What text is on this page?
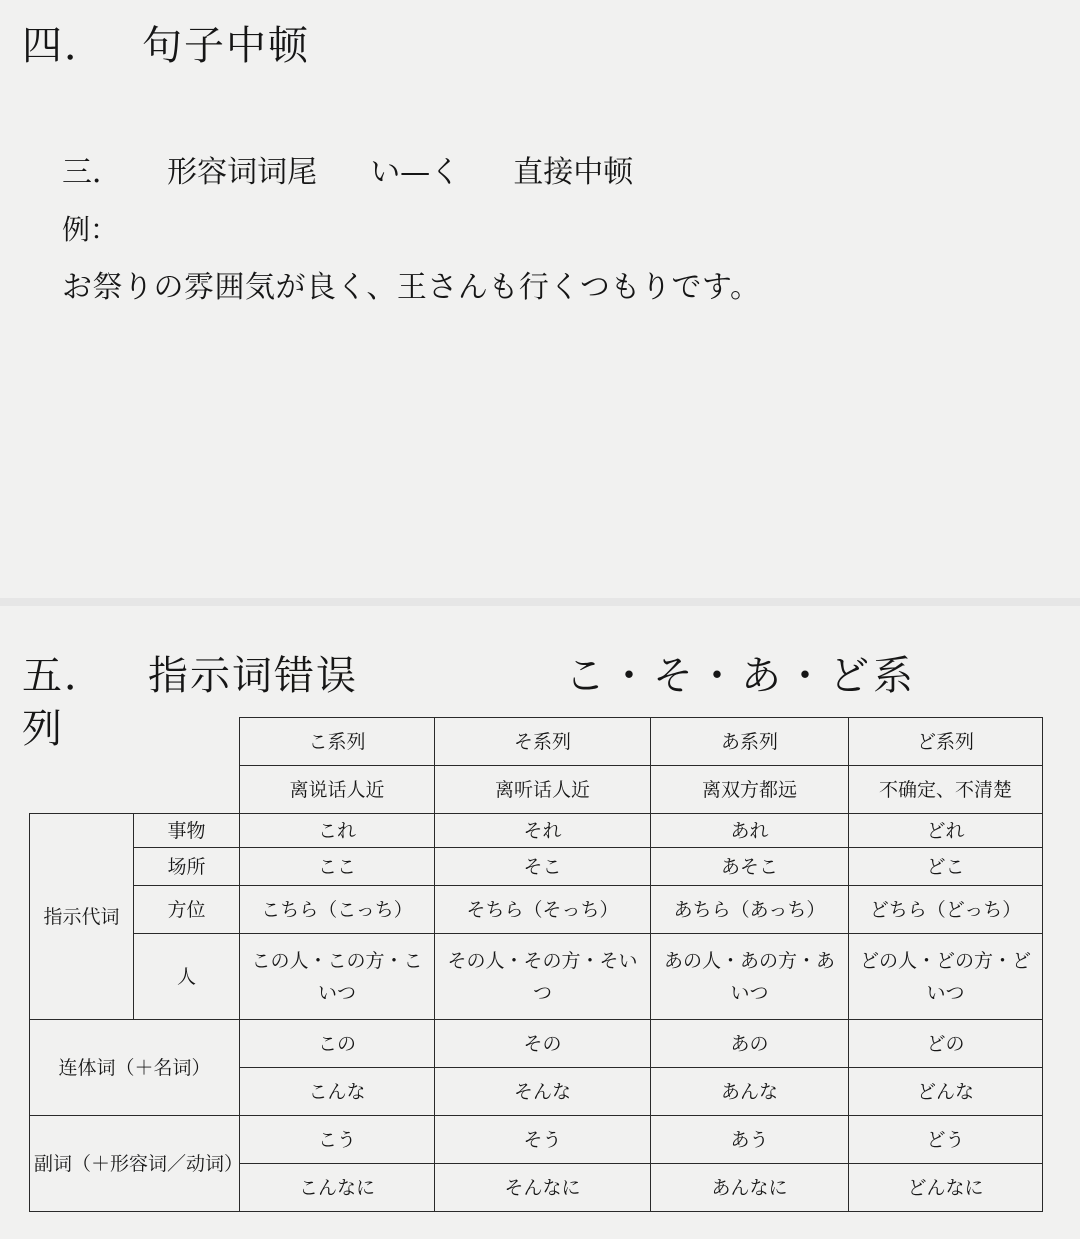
四． 句子中顿
三． 形容词词尾 い—く 直接中顿
例：
お祭りの雰囲気が良く、王さんも行くつもりです。
五． 指示词错误	こ・そ・あ・ど系
列
		こ系列	そ系列	あ系列	ど系列
		离说话人近	离听话人近	离双方都远	不确定、不清楚
指示代词	事物	これ	それ	あれ	どれ
	场所	ここ	そこ	あそこ	どこ
	方位	こちら（こっち）	そちら（そっち）	あちら（あっち）	どちら（どっち）
	人	この人・この方・こいつ	その人・その方・そいつ	あの人・あの方・あいつ	どの人・どの方・どいつ
连体词（＋名词）		この	その	あの	どの
		こんな	そんな	あんな	どんな
副词（＋形容词／动词）		こう	そう	あう	どう
		こんなに	そんなに	あんなに	どんなに
